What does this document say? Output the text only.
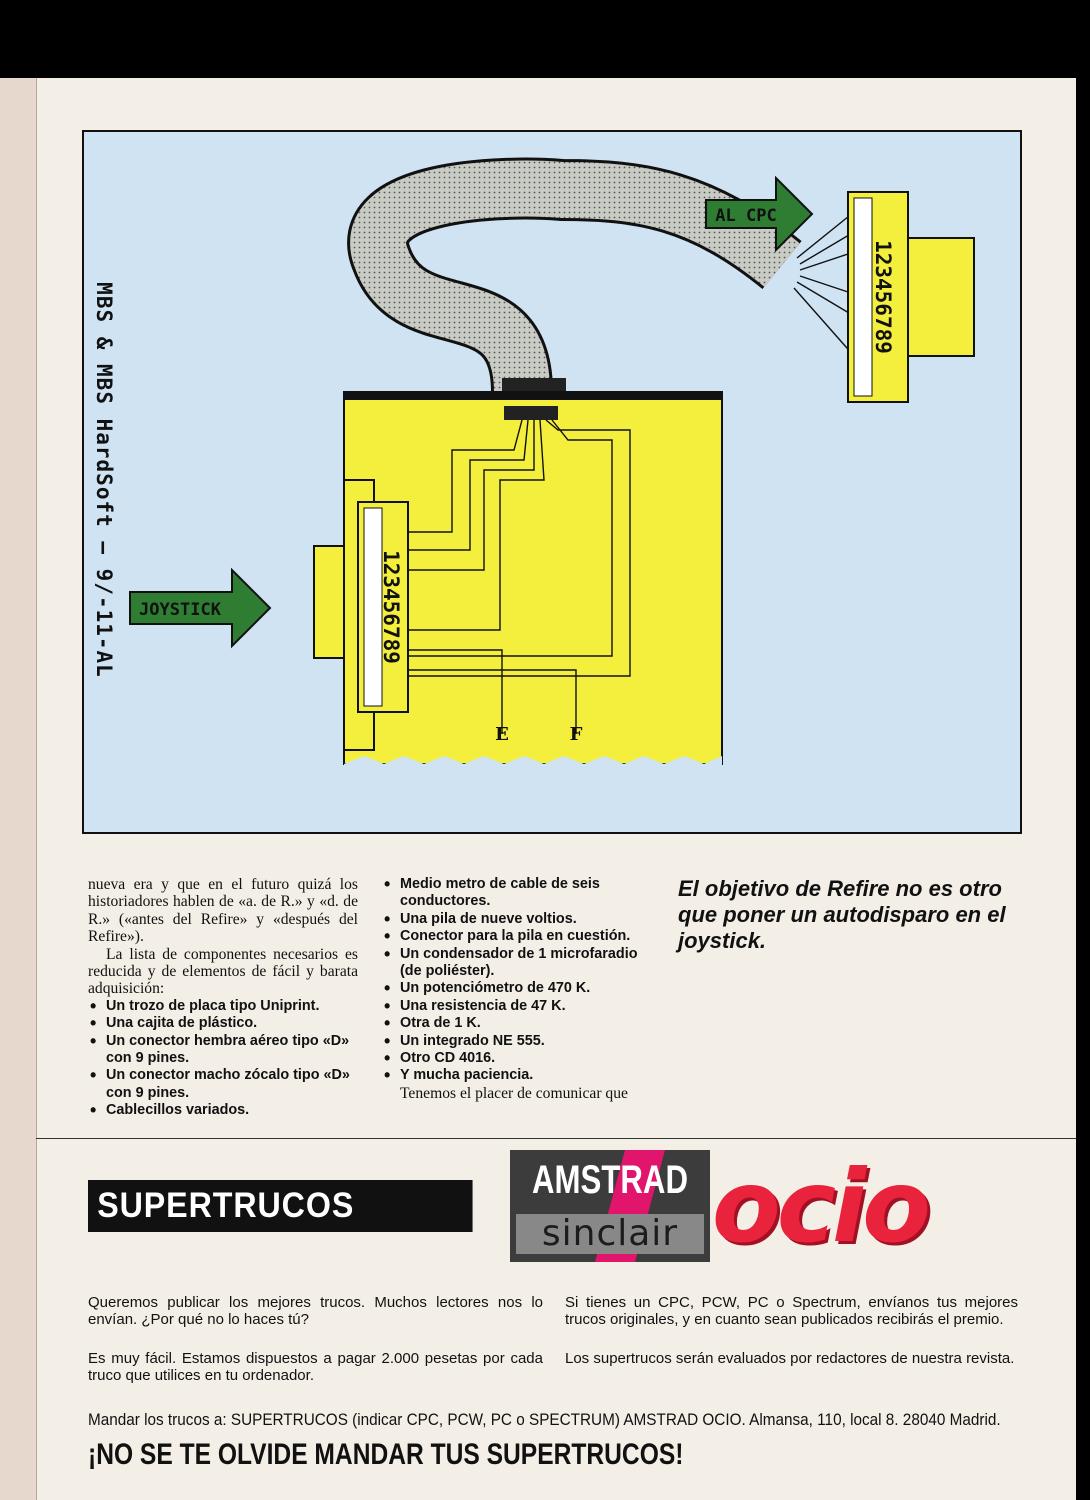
123456789
AL CPC
E	F
123456789
JOYSTICK
MBS & MBS HardSoft — 9/-11-AL

nueva era y que en el futuro quizá los historiadores hablen de «a. de R.» y «d. de R.» («antes del Refire» y «después del Refire»).

La lista de componentes necesarios es reducida y de elementos de fácil y barata adquisición:

• Un trozo de placa tipo Uniprint.
• Una cajita de plástico.
• Un conector hembra aéreo tipo «D» con 9 pines.
• Un conector macho zócalo tipo «D» con 9 pines.
• Cablecillos variados.
• Medio metro de cable de seis conductores.
• Una pila de nueve voltios.
• Conector para la pila en cuestión.
• Un condensador de 1 microfaradio (de poliéster).
• Un potenciómetro de 470 K.
• Una resistencia de 47 K.
• Otra de 1 K.
• Un integrado NE 555.
• Otro CD 4016.
• Y mucha paciencia.

Tenemos el placer de comunicar que

El objetivo de Refire no es otro que poner un autodisparo en el joystick.
SUPERTRUCOS
AMSTRAD
sinclair ocio
Queremos publicar los mejores trucos. Muchos lectores nos lo envían. ¿Por qué no lo haces tú?
Es muy fácil. Estamos dispuestos a pagar 2.000 pesetas por cada truco que utilices en tu ordenador.
Si tienes un CPC, PCW, PC o Spectrum, envíanos tus mejores trucos originales, y en cuanto sean publicados recibirás el premio.
Los supertrucos serán evaluados por redactores de nuestra revista.
Mandar los trucos a: SUPERTRUCOS (indicar CPC, PCW, PC o SPECTRUM) AMSTRAD OCIO. Almansa, 110, local 8. 28040 Madrid.
¡NO SE TE OLVIDE MANDAR TUS SUPERTRUCOS!
